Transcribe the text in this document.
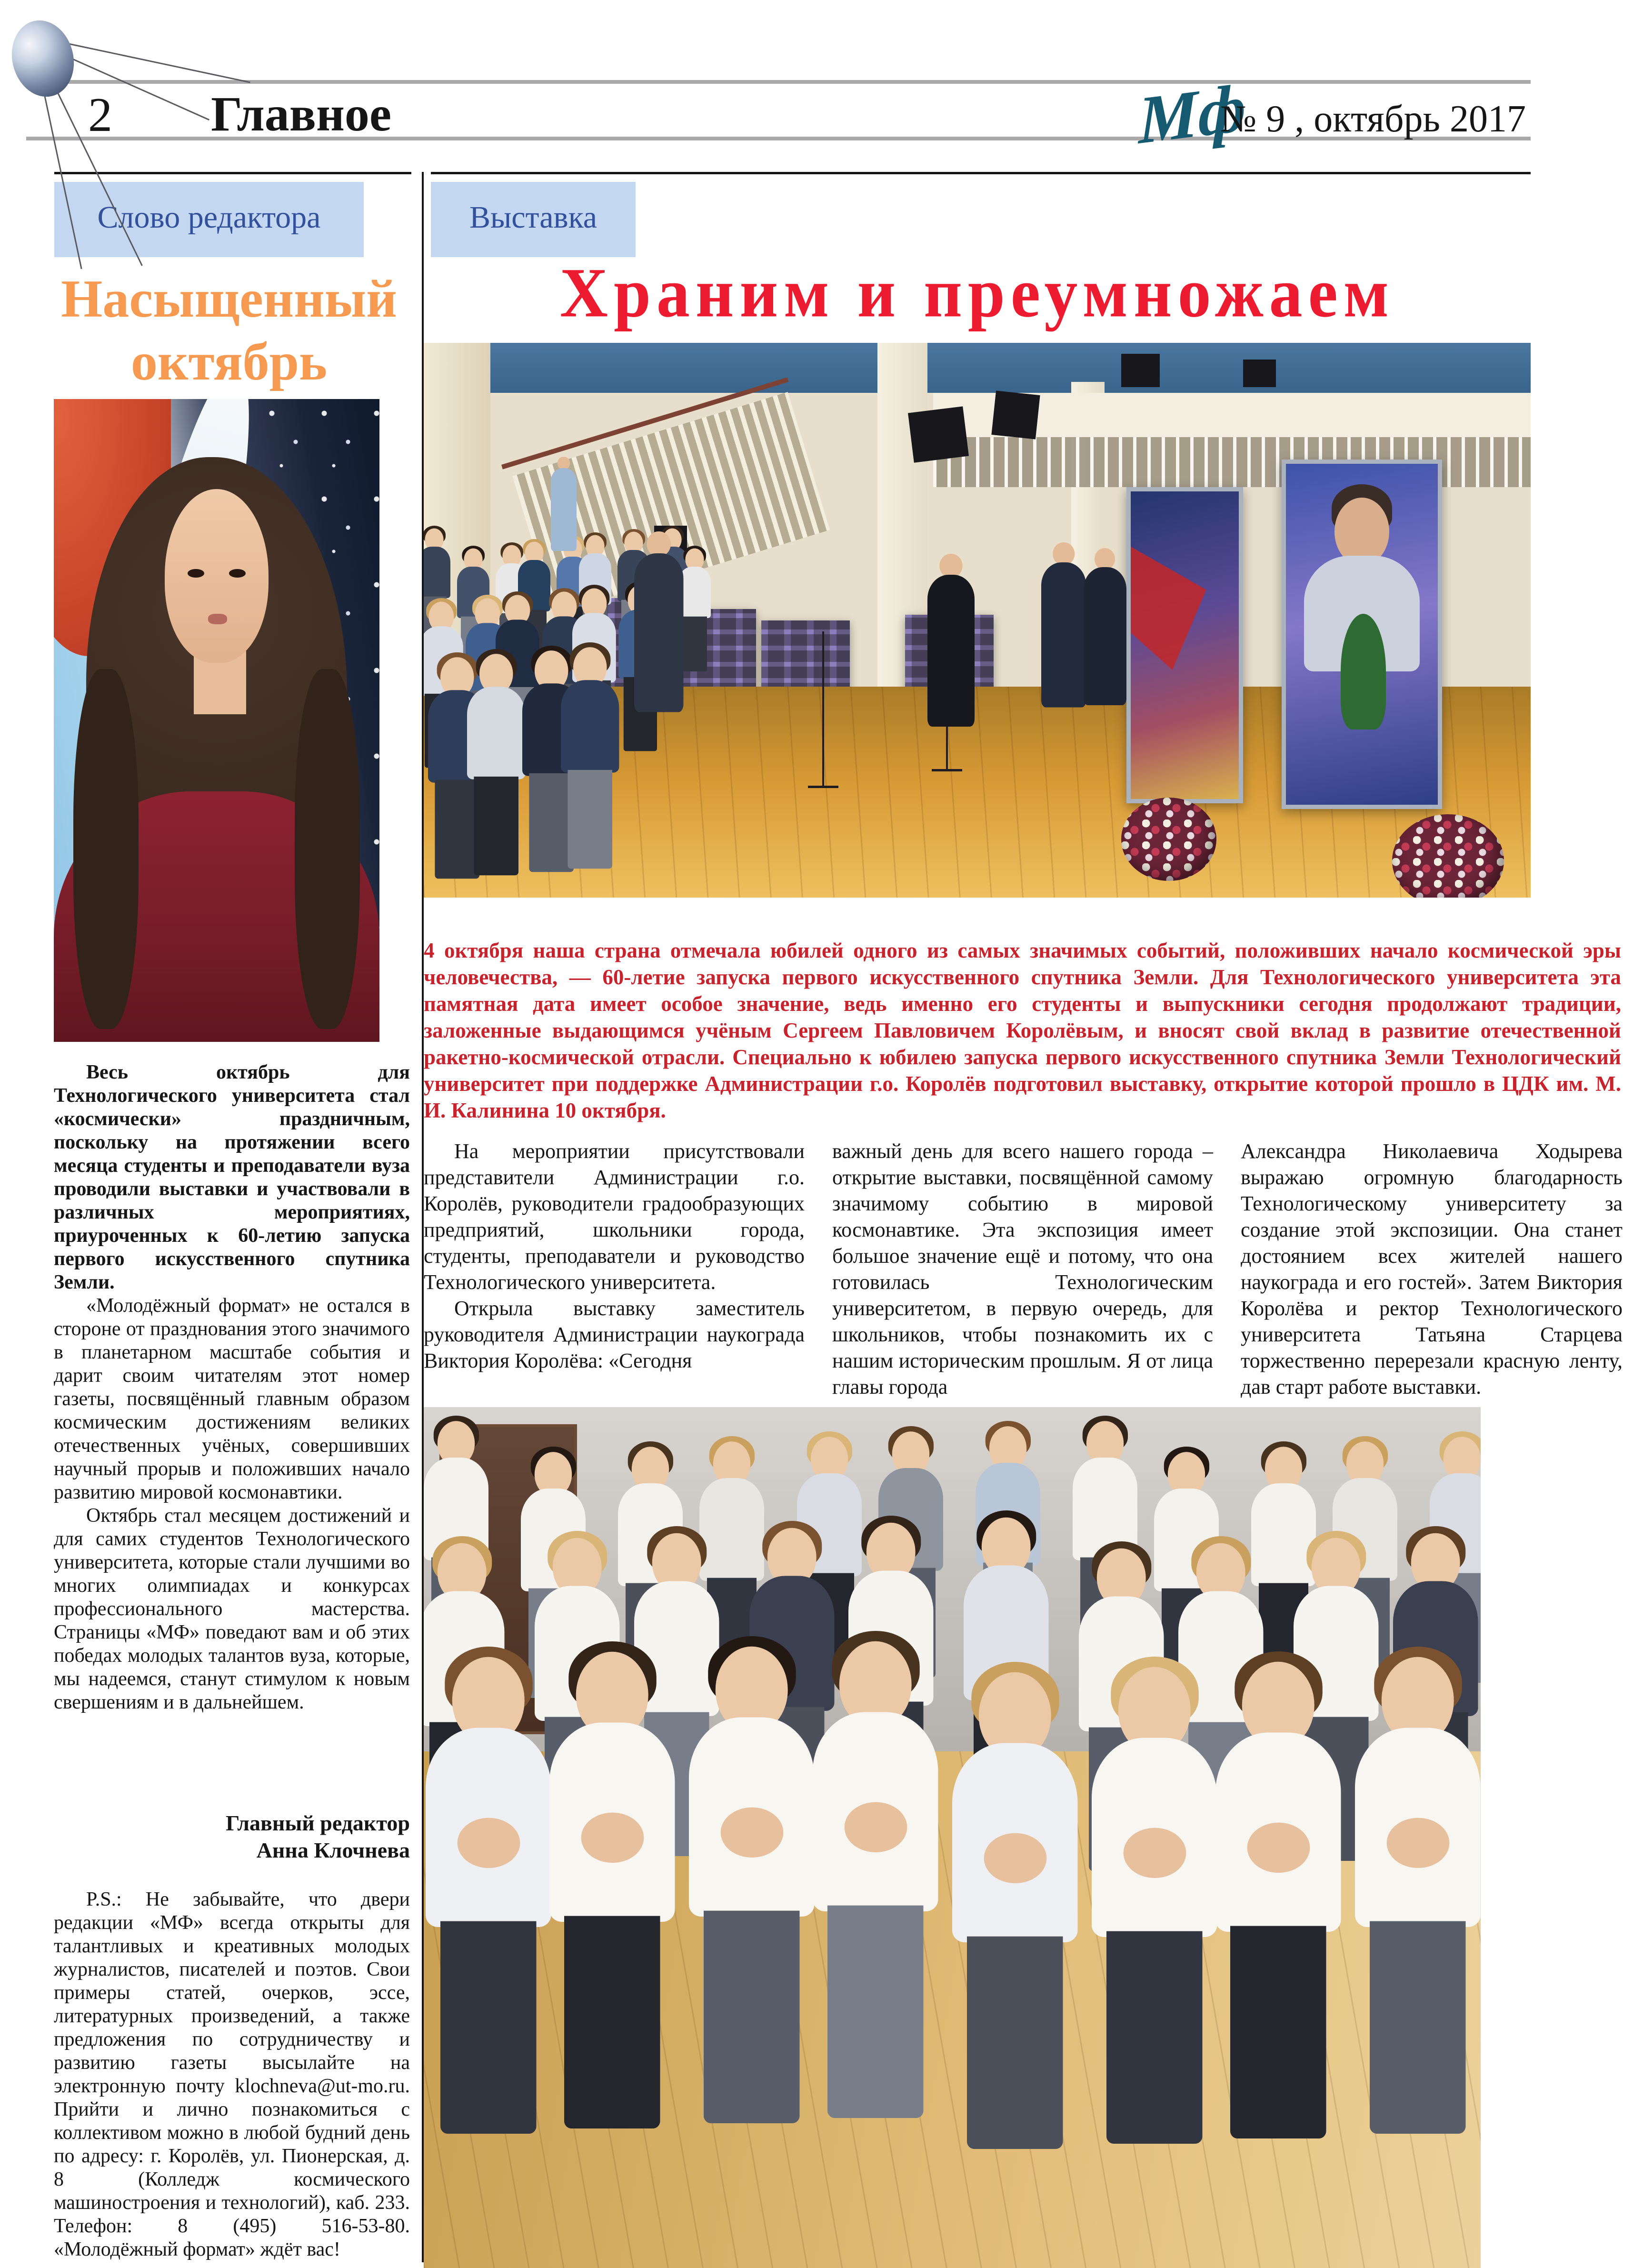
2 Главное	Мф
№ 9 , октябрь 2017
Слово редактора
Насыщенный октябрь

Весь октябрь для Технологического университета стал «космически» праздничным, поскольку на протяжении всего месяца студенты и преподаватели вуза проводили выставки и участвовали в различных мероприятиях, приуроченных к 60-летию запуска первого искусственного спутника Земли.

«Молодёжный формат» не остался в стороне от празднования этого значимого в планетарном масштабе события и дарит своим читателям этот номер газеты, посвящённый главным образом космическим достижениям великих отечественных учёных, совершивших научный прорыв и положивших начало развитию мировой космонавтики.

Октябрь стал месяцем достижений и для самих студентов Технологического университета, которые стали лучшими во многих олимпиадах и конкурсах профессионального мастерства. Страницы «МФ» поведают вам и об этих победах молодых талантов вуза, которые, мы надеемся, станут стимулом к новым свершениям и в дальнейшем.

Главный редактор
Анна Клочнева

P.S.: Не забывайте, что двери редакции «МФ» всегда открыты для талантливых и креативных молодых журналистов, писателей и поэтов. Свои примеры статей, очерков, эссе, литературных произведений, а также предложения по сотрудничеству и развитию газеты высылайте на электронную почту klochneva@ut-mo.ru. Прийти и лично познакомиться с коллективом можно в любой будний день по адресу: г. Королёв, ул. Пионерская, д. 8 (Колледж космического машиностроения и технологий), каб. 233. Телефон: 8 (495) 516-53-80. «Молодёжный формат» ждёт вас!

Выставка
Храним и преумножаем
4 октября наша страна отмечала юбилей одного из самых значимых событий, положивших начало космической эры человечества, — 60-летие запуска первого искусственного спутника Земли. Для Технологического университета эта памятная дата имеет особое значение, ведь именно его студенты и выпускники сегодня продолжают традиции, заложенные выдающимся учёным Сергеем Павловичем Королёвым, и вносят свой вклад в развитие отечественной ракетно-космической отрасли. Специально к юбилею запуска первого искусственного спутника Земли Технологический университет при поддержке Администрации г.о. Королёв подготовил выставку, открытие которой прошло в ЦДК им. М. И. Калинина 10 октября.

На мероприятии присутствовали представители Администрации г.о. Королёв, руководители градообразующих предприятий, школьники города, студенты, преподаватели и руководство Технологического университета.

Открыла выставку заместитель руководителя Администрации наукограда Виктория Королёва: «Сегодня

важный день для всего нашего города – открытие выставки, посвящённой самому значимому событию в мировой космонавтике. Эта экспозиция имеет большое значение ещё и потому, что она готовилась Технологическим университетом, в первую очередь, для школьников, чтобы познакомить их с нашим историческим прошлым. Я от лица главы города

Александра Николаевича Ходырева выражаю огромную благодарность Технологическому университету за создание этой экспозиции. Она станет достоянием всех жителей нашего наукограда и его гостей». Затем Виктория Королёва и ректор Технологического университета Татьяна Старцева торжественно перерезали красную ленту, дав старт работе выставки.
